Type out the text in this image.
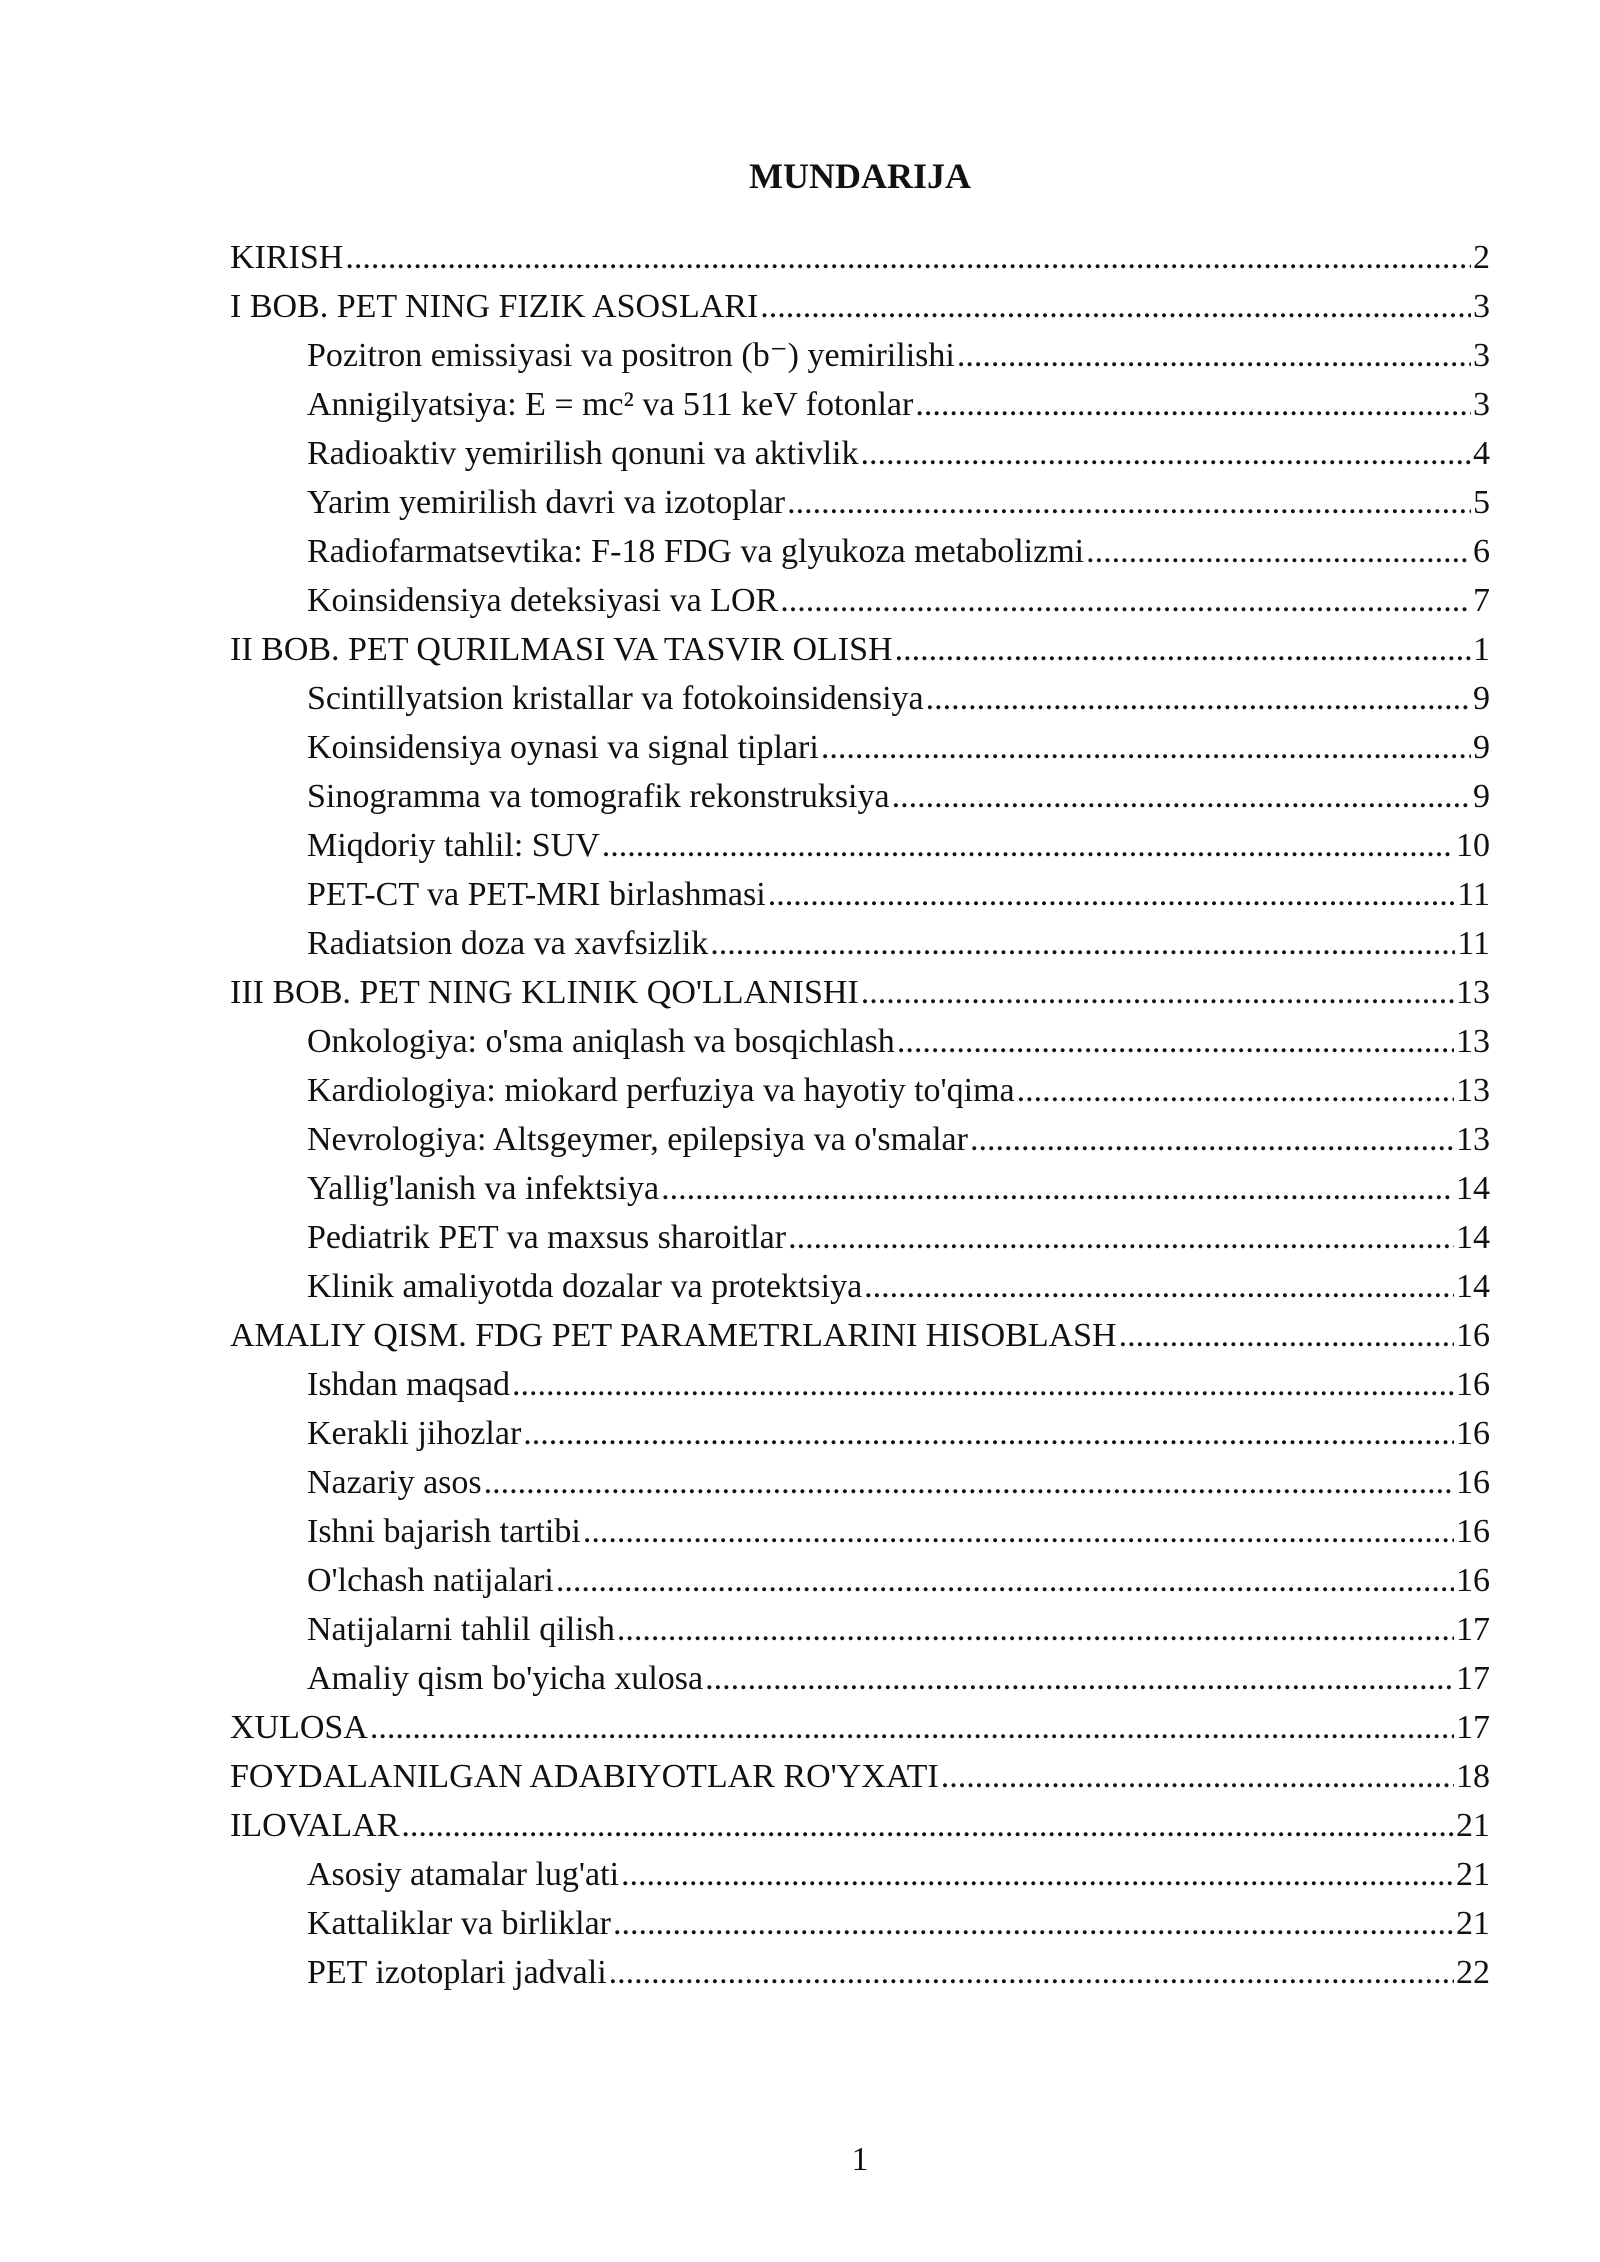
MUNDARIJA
KIRISH .....	2
I BOB. PET NING FIZIK ASOSLARI .....	3
Pozitron emissiyasi va positron (b⁻) yemirilishi .....	3
Annigilyatsiya: E = mc² va 511 keV fotonlar .....	3
Radioaktiv yemirilish qonuni va aktivlik .....	4
Yarim yemirilish davri va izotoplar .....	5
Radiofarmatsevtika: F-18 FDG va glyukoza metabolizmi .....	6
Koinsidensiya deteksiyasi va LOR .....	7
II BOB. PET QURILMASI VA TASVIR OLISH .....	1
Scintillyatsion kristallar va fotokoinsidensiya .....	9
Koinsidensiya oynasi va signal tiplari .....	9
Sinogramma va tomografik rekonstruksiya .....	9
Miqdoriy tahlil: SUV .....	10
PET-CT va PET-MRI birlashmasi .....	11
Radiatsion doza va xavfsizlik .....	11
III BOB. PET NING KLINIK QO'LLANISHI .....	13
Onkologiya: o'sma aniqlash va bosqichlash .....	13
Kardiologiya: miokard perfuziya va hayotiy to'qima .....	13
Nevrologiya: Altsgeymer, epilepsiya va o'smalar .....	13
Yallig'lanish va infektsiya .....	14
Pediatrik PET va maxsus sharoitlar .....	14
Klinik amaliyotda dozalar va protektsiya .....	14
AMALIY QISM. FDG PET PARAMETRLARINI HISOBLASH .....	16
Ishdan maqsad .....	16
Kerakli jihozlar .....	16
Nazariy asos .....	16
Ishni bajarish tartibi .....	16
O'lchash natijalari .....	16
Natijalarni tahlil qilish .....	17
Amaliy qism bo'yicha xulosa .....	17
XULOSA .....	17
FOYDALANILGAN ADABIYOTLAR RO'YXATI .....	18
ILOVALAR .....	21
Asosiy atamalar lug'ati .....	21
Kattaliklar va birliklar .....	21
PET izotoplari jadvali .....	22
1
